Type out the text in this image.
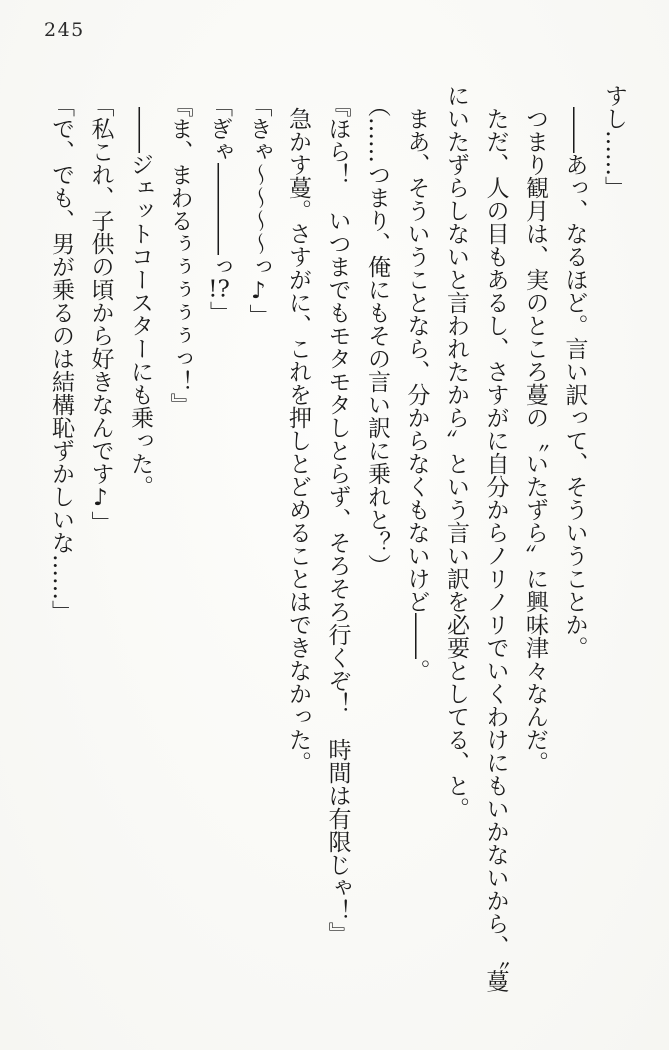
245

すし……」

――あっ、なるほど。言い訳って、そういうことか。

つまり観月は、実のところ蔓の〝いたずら〟に興味津々なんだ。

ただ、人の目もあるし、さすがに自分からノリノリでいくわけにもいかないから、〝蔓

にいたずらしないと言われたから〟という言い訳を必要としてる、と。

まあ、そういうことなら、分からなくもないけど――。

（……つまり、俺にもその言い訳に乗れと？）

『ほら！　いつまでもモタモタしとらず、そろそろ行くぞ！　時間は有限じゃ！』

急かす蔓。さすがに、これを押しとどめることはできなかった。

「きゃ～～～～っ♪」

「ぎゃ――――っ!?」

『ま、まわるぅぅぅぅぅっ！』

――ジェットコースターにも乗った。

「私これ、子供の頃から好きなんです♪」

「で、でも、男が乗るのは結構恥ずかしいな……」
